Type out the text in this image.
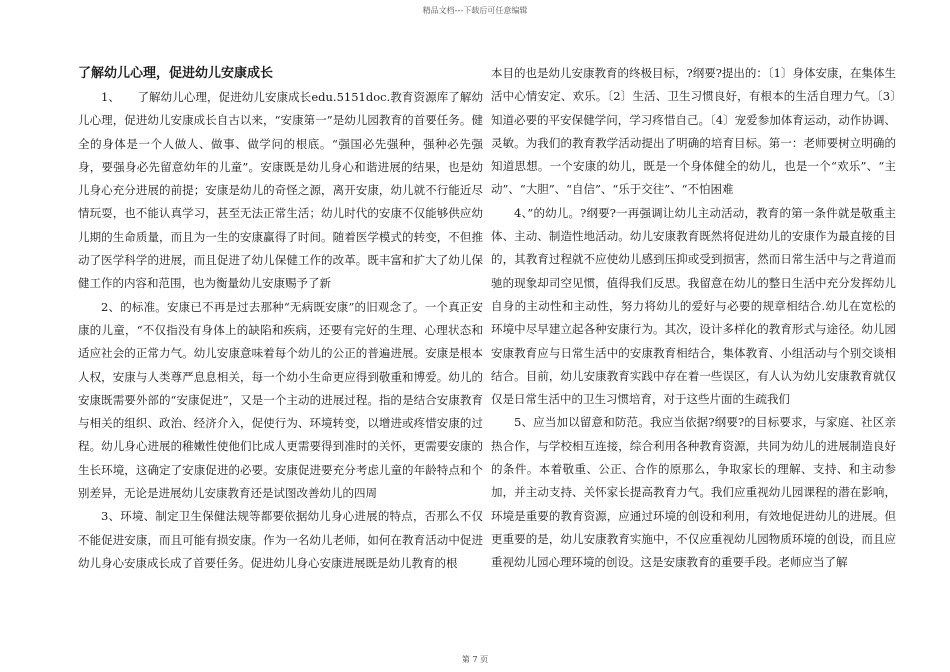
精品文档---下载后可任意编辑
了解幼儿心理，促进幼儿安康成长

1、　　了解幼儿心理，促进幼儿安康成长edu.5151doc.教育资源库了解幼儿心理，促进幼儿安康成长自古以来，“安康第一”是幼儿园教育的首要任务。健全的身体是一个人做人、做事、做学问的根底。“强国必先强种，强种必先强身，要强身必先留意幼年的儿童”。安康既是幼儿身心和谐进展的结果，也是幼儿身心充分进展的前提；安康是幼儿的奇怪之源，离开安康，幼儿就不行能近尽情玩耍，也不能认真学习，甚至无法正常生活；幼儿时代的安康不仅能够供应幼儿期的生命质量，而且为一生的安康赢得了时间。随着医学模式的转变，不但推动了医学科学的进展，而且促进了幼儿保健工作的改革。既丰富和扩大了幼儿保健工作的内容和范围，也为衡量幼儿安康赐予了新

2、的标准。安康已不再是过去那种“无病既安康”的旧观念了。一个真正安康的儿童，“不仅指没有身体上的缺陷和疾病，还要有完好的生理、心理状态和适应社会的正常力气。幼儿安康意味着每个幼儿的公正的普遍进展。安康是根本人权，安康与人类尊严息息相关，每一个幼小生命更应得到敬重和博爱。幼儿的安康既需要外部的“安康促进”，又是一个主动的进展过程。指的是结合安康教育与相关的组织、政治、经济介入，促使行为、环境转变，以增进或疼惜安康的过程。幼儿身心进展的稚嫩性使他们比成人更需要得到准时的关怀，更需要安康的生长环境，这确定了安康促进的必要。安康促进要充分考虑儿童的年龄特点和个别差异，无论是进展幼儿安康教育还是试图改善幼儿的四周

3、环境、制定卫生保健法规等都要依据幼儿身心进展的特点，否那么不仅不能促进安康，而且可能有损安康。作为一名幼儿老师，如何在教育活动中促进幼儿身心安康成长成了首要任务。促进幼儿身心安康进展既是幼儿教育的根

本目的也是幼儿安康教育的终极目标，?纲要?提出的：〔1〕身体安康，在集体生活中心情安定、欢乐。〔2〕生活、卫生习惯良好，有根本的生活自理力气。〔3〕知道必要的平安保健学问，学习疼惜自己。〔4〕宠爱参加体育运动，动作协调、灵敏。为我们的教育教学活动提出了明确的培育目标。第一：老师要树立明确的知道思想。一个安康的幼儿，既是一个身体健全的幼儿，也是一个“欢乐”、“主动”、“大胆”、“自信”、“乐于交往”、“不怕困难

4、”的幼儿。?纲要?一再强调让幼儿主动活动，教育的第一条件就是敬重主体、主动、制造性地活动。幼儿安康教育既然将促进幼儿的安康作为最直接的目的，其教育过程就不应使幼儿感到压抑或受到损害，然而日常生活中与之背道而驰的现象却司空见惯，值得我们反思。我留意在幼儿的整日生活中充分发挥幼儿自身的主动性和主动性，努力将幼儿的爱好与必要的规章相结合.幼儿在宽松的环境中尽早建立起各种安康行为。其次，设计多样化的教育形式与途径。幼儿园安康教育应与日常生活中的安康教育相结合，集体教育、小组活动与个别交谈相结合。目前，幼儿安康教育实践中存在着一些误区，有人认为幼儿安康教育就仅仅是日常生活中的卫生习惯培育，对于这些片面的生疏我们

5、应当加以留意和防范。我应当依据?纲要?的目标要求，与家庭、社区亲热合作，与学校相互连接，综合利用各种教育资源，共同为幼儿的进展制造良好的条件。本着敬重、公正、合作的原那么，争取家长的理解、支持、和主动参加，并主动支持、关怀家长提高教育力气。我们应重视幼儿园课程的潜在影响，环境是重要的教育资源，应通过环境的创设和利用，有效地促进幼儿的进展。但更重要的是，幼儿安康教育实施中，不仅应重视幼儿园物质环境的创设，而且应重视幼儿园心理环境的创设。这是安康教育的重要手段。老师应当了解

第 7 页
